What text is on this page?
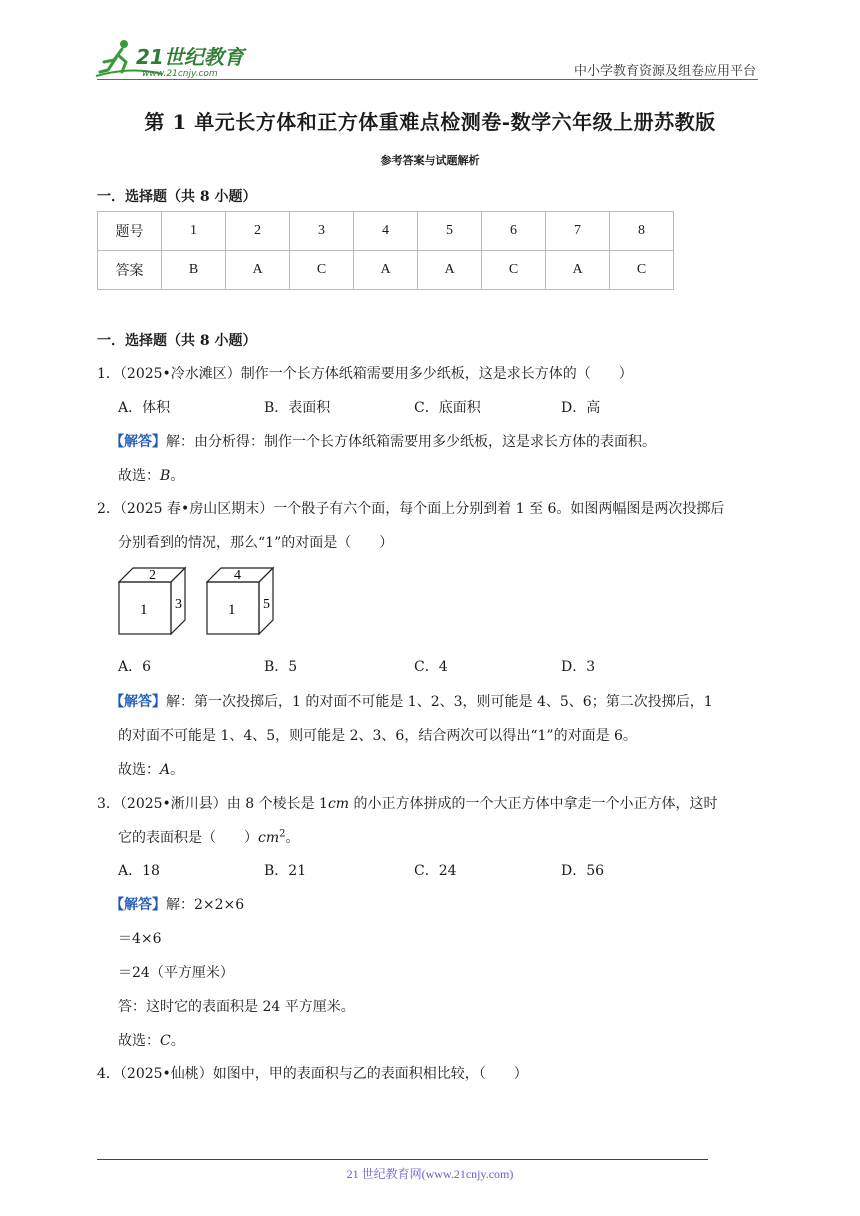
21世纪教育
www.21cnjy.com	中小学教育资源及组卷应用平台
第 1 单元长方体和正方体重难点检测卷-数学六年级上册苏教版
参考答案与试题解析
一．选择题（共 8 小题）
题号	1	2	3	4	5	6	7	8
答案	B	A	C	A	A	C	A	C
一．选择题（共 8 小题）
1．（2025•冷水滩区）制作一个长方体纸箱需要用多少纸板，这是求长方体的（　　）
A．体积	B．表面积	C．底面积	D．高
【解答】解：由分析得：制作一个长方体纸箱需要用多少纸板，这是求长方体的表面积。
故选：B。
2．（2025 春•房山区期末）一个骰子有六个面，每个面上分别到着 1 至 6。如图两幅图是两次投掷后
分别看到的情况，那么“1”的对面是（　　）
2
1 3
4
1 5
A．6	B．5	C．4	D．3
【解答】解：第一次投掷后，1 的对面不可能是 1、2、3，则可能是 4、5、6；第二次投掷后，1
的对面不可能是 1、4、5，则可能是 2、3、6，结合两次可以得出“1”的对面是 6。
故选：A。
3．（2025•淅川县）由 8 个棱长是 1cm 的小正方体拼成的一个大正方体中拿走一个小正方体，这时
它的表面积是（　　）$cm^2$。
A．18	B．21	C．24	D．56
【解答】解：2×2×6
＝4×6
＝24（平方厘米）
答：这时它的表面积是 24 平方厘米。
故选：C。
4．（2025•仙桃）如图中，甲的表面积与乙的表面积相比较，（　　）
21 世纪教育网(www.21cnjy.com)
